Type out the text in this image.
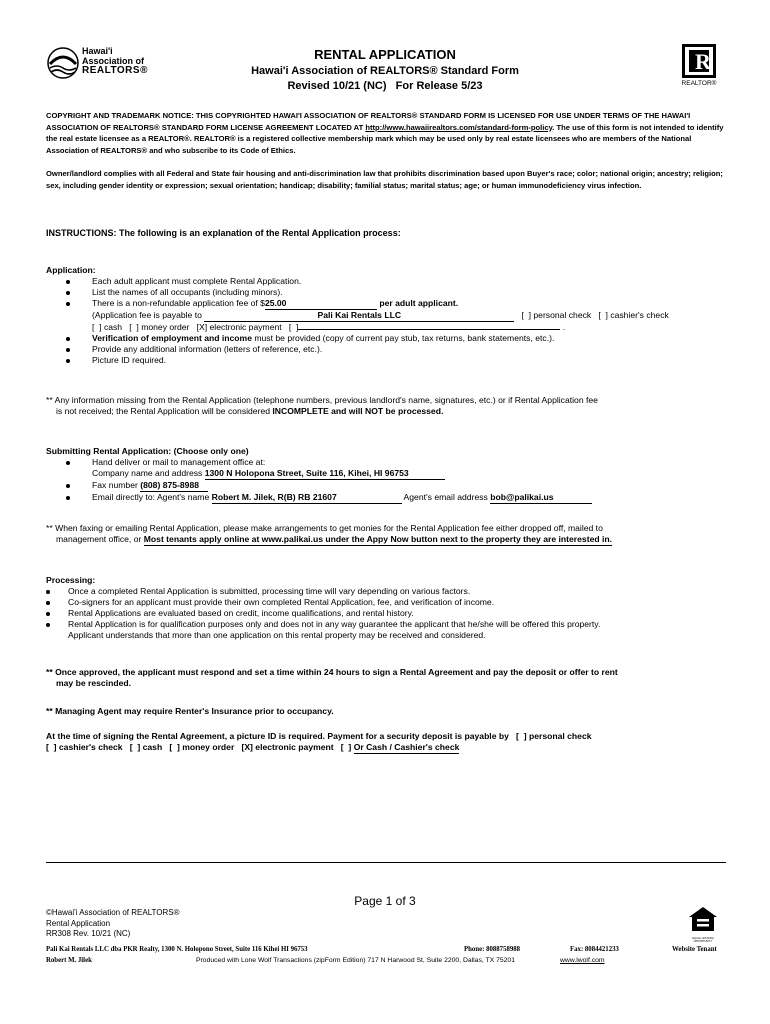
Hawai'i
Association of
REALTORS®
RENTAL APPLICATION
Hawai'i Association of REALTORS® Standard Form
Revised 10/21 (NC)   For Release 5/23
R
REALTOR®
COPYRIGHT AND TRADEMARK NOTICE: THIS COPYRIGHTED HAWAI'I ASSOCIATION OF REALTORS® STANDARD FORM IS LICENSED FOR USE UNDER TERMS OF THE HAWAI'I ASSOCIATION OF REALTORS® STANDARD FORM LICENSE AGREEMENT LOCATED AT http://www.hawaiirealtors.com/standard-form-policy. The use of this form is not intended to identify the real estate licensee as a REALTOR®. REALTOR® is a registered collective membership mark which may be used only by real estate licensees who are members of the National Association of REALTORS® and who subscribe to its Code of Ethics.
Owner/landlord complies with all Federal and State fair housing and anti-discrimination law that prohibits discrimination based upon Buyer's race; color; national origin; ancestry; religion; sex, including gender identity or expression; sexual orientation; handicap; disability; familial status; marital status; age; or human immunodeficiency virus infection.
INSTRUCTIONS: The following is an explanation of the Rental Application process:
Application:
Each adult applicant must complete Rental Application.
List the names of all occupants (including minors).
There is a non-refundable application fee of $25.00	per adult applicant.
(Application fee is payable to	Pali Kai Rentals LLC	[  ] personal check [  ] cashier's check
[  ] cash [  ] money order [X] electronic payment [  ]	.
Verification of employment and income must be provided (copy of current pay stub, tax returns, bank statements, etc.).
Provide any additional information (letters of reference, etc.).
Picture ID required.
** Any information missing from the Rental Application (telephone numbers, previous landlord's name, signatures, etc.) or if Rental Application fee
is not received; the Rental Application will be considered INCOMPLETE and will NOT be processed.
Submitting Rental Application: (Choose only one)
Hand deliver or mail to management office at:
Company name and address 1300 N Holopona Street, Suite 116, Kihei, HI 96753
Fax number (808) 875-8988
Email directly to: Agent's name Robert M. Jilek, R(B) RB 21607	Agent's email address bob@palikai.us
** When faxing or emailing Rental Application, please make arrangements to get monies for the Rental Application fee either dropped off, mailed to
management office, or Most tenants apply online at www.palikai.us under the Appy Now button next to the property they are interested in.
Processing:
Once a completed Rental Application is submitted, processing time will vary depending on various factors.
Co-signers for an applicant must provide their own completed Rental Application, fee, and verification of income.
Rental Applications are evaluated based on credit, income qualifications, and rental history.
Rental Application is for qualification purposes only and does not in any way guarantee the applicant that he/she will be offered this property.
Applicant understands that more than one application on this rental property may be received and considered.
** Once approved, the applicant must respond and set a time within 24 hours to sign a Rental Agreement and pay the deposit or offer to rent
may be rescinded.
** Managing Agent may require Renter's Insurance prior to occupancy.
At the time of signing the Rental Agreement, a picture ID is required. Payment for a security deposit is payable by   [  ] personal check
[  ] cashier's check   [  ] cash   [  ] money order   [X] electronic payment   [  ] Or Cash / Cashier's check
Page 1 of 3
©Hawai'i Association of REALTORS®
Rental Application
RR308 Rev. 10/21 (NC)
EQUAL HOUSING OPPORTUNITY
Pali Kai Rentals LLC dba PKR Realty, 1300 N. Holopono Street, Suite 116 Kihei HI 96753	Phone: 8088758988	Fax: 8084421233	Website Tenant
Robert M. Jilek	Produced with Lone Wolf Transactions (zipForm Edition) 717 N Harwood St, Suite 2200, Dallas, TX 75201	www.lwolf.com
